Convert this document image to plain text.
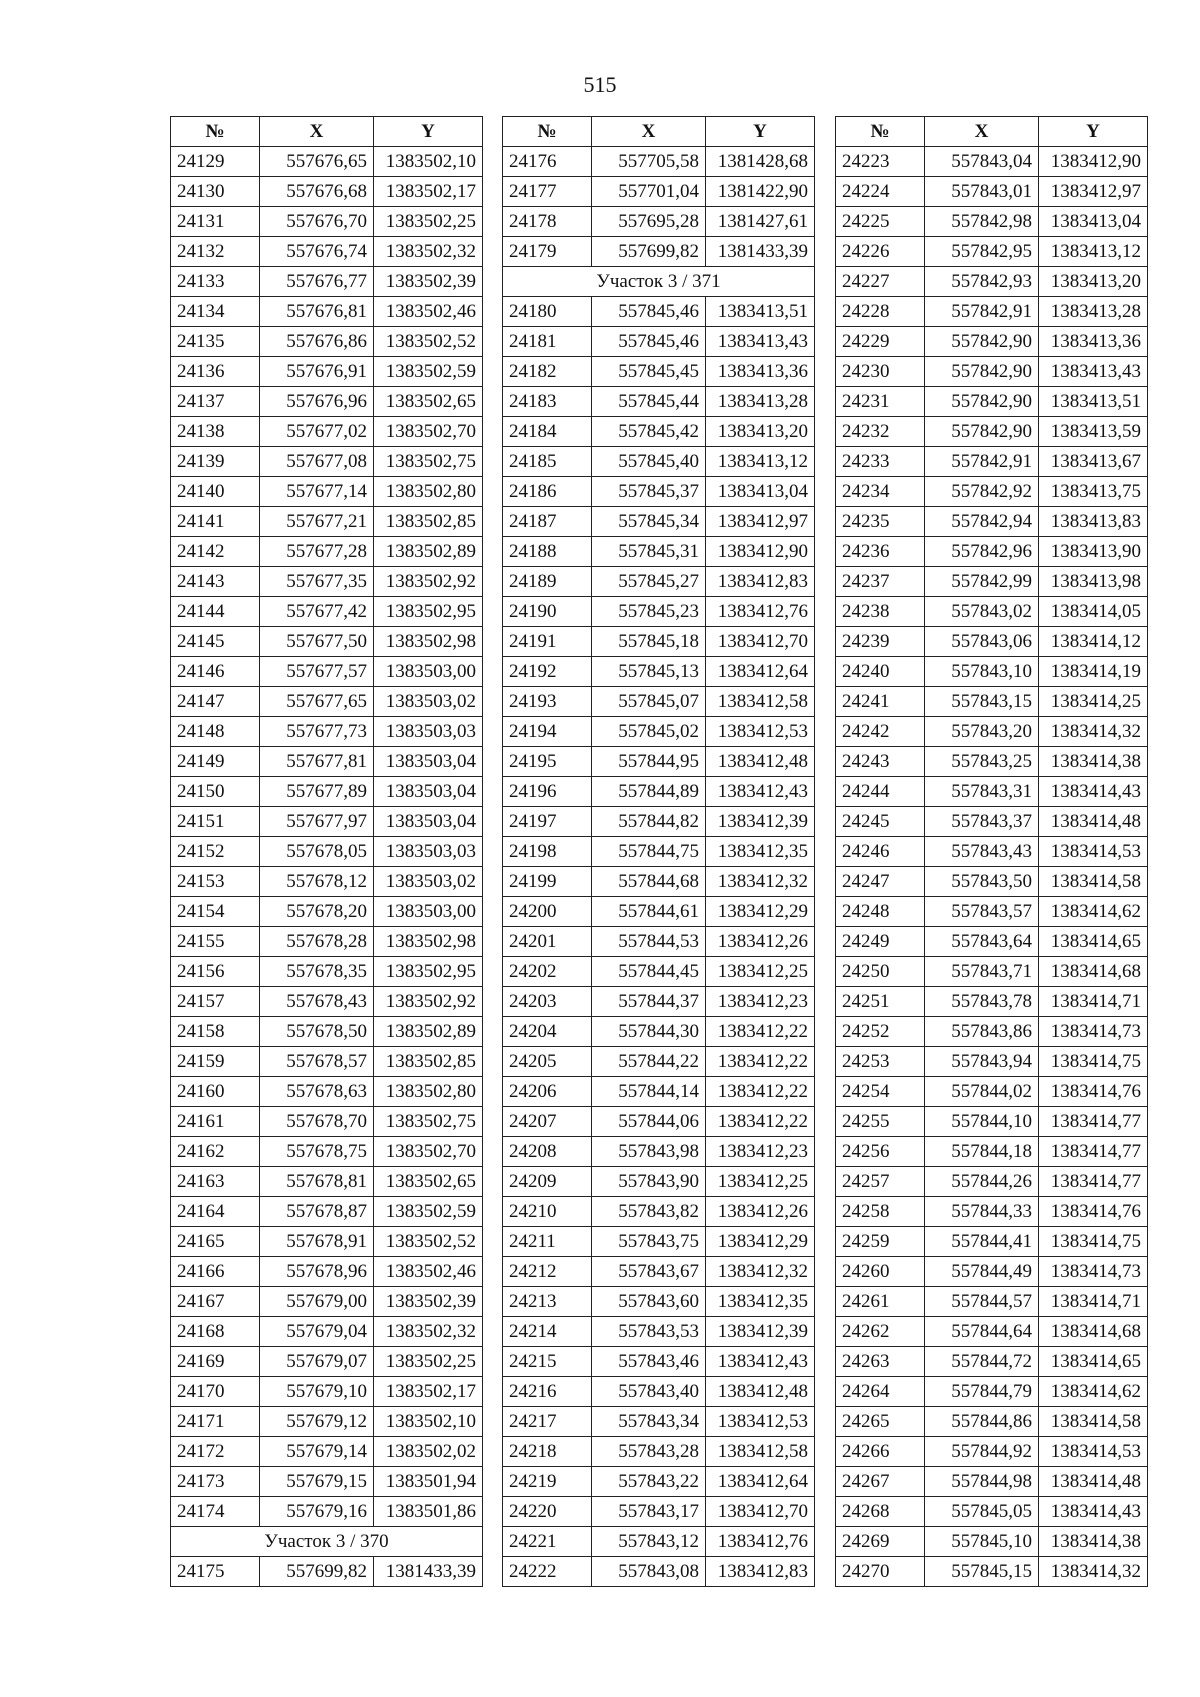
515
№	X	Y
24129	557676,65	1383502,10
24130	557676,68	1383502,17
24131	557676,70	1383502,25
24132	557676,74	1383502,32
24133	557676,77	1383502,39
24134	557676,81	1383502,46
24135	557676,86	1383502,52
24136	557676,91	1383502,59
24137	557676,96	1383502,65
24138	557677,02	1383502,70
24139	557677,08	1383502,75
24140	557677,14	1383502,80
24141	557677,21	1383502,85
24142	557677,28	1383502,89
24143	557677,35	1383502,92
24144	557677,42	1383502,95
24145	557677,50	1383502,98
24146	557677,57	1383503,00
24147	557677,65	1383503,02
24148	557677,73	1383503,03
24149	557677,81	1383503,04
24150	557677,89	1383503,04
24151	557677,97	1383503,04
24152	557678,05	1383503,03
24153	557678,12	1383503,02
24154	557678,20	1383503,00
24155	557678,28	1383502,98
24156	557678,35	1383502,95
24157	557678,43	1383502,92
24158	557678,50	1383502,89
24159	557678,57	1383502,85
24160	557678,63	1383502,80
24161	557678,70	1383502,75
24162	557678,75	1383502,70
24163	557678,81	1383502,65
24164	557678,87	1383502,59
24165	557678,91	1383502,52
24166	557678,96	1383502,46
24167	557679,00	1383502,39
24168	557679,04	1383502,32
24169	557679,07	1383502,25
24170	557679,10	1383502,17
24171	557679,12	1383502,10
24172	557679,14	1383502,02
24173	557679,15	1383501,94
24174	557679,16	1383501,86
Участок 3 / 370		
24175	557699,82	1381433,39
№	X	Y
24176	557705,58	1381428,68
24177	557701,04	1381422,90
24178	557695,28	1381427,61
24179	557699,82	1381433,39
Участок 3 / 371		
24180	557845,46	1383413,51
24181	557845,46	1383413,43
24182	557845,45	1383413,36
24183	557845,44	1383413,28
24184	557845,42	1383413,20
24185	557845,40	1383413,12
24186	557845,37	1383413,04
24187	557845,34	1383412,97
24188	557845,31	1383412,90
24189	557845,27	1383412,83
24190	557845,23	1383412,76
24191	557845,18	1383412,70
24192	557845,13	1383412,64
24193	557845,07	1383412,58
24194	557845,02	1383412,53
24195	557844,95	1383412,48
24196	557844,89	1383412,43
24197	557844,82	1383412,39
24198	557844,75	1383412,35
24199	557844,68	1383412,32
24200	557844,61	1383412,29
24201	557844,53	1383412,26
24202	557844,45	1383412,25
24203	557844,37	1383412,23
24204	557844,30	1383412,22
24205	557844,22	1383412,22
24206	557844,14	1383412,22
24207	557844,06	1383412,22
24208	557843,98	1383412,23
24209	557843,90	1383412,25
24210	557843,82	1383412,26
24211	557843,75	1383412,29
24212	557843,67	1383412,32
24213	557843,60	1383412,35
24214	557843,53	1383412,39
24215	557843,46	1383412,43
24216	557843,40	1383412,48
24217	557843,34	1383412,53
24218	557843,28	1383412,58
24219	557843,22	1383412,64
24220	557843,17	1383412,70
24221	557843,12	1383412,76
24222	557843,08	1383412,83
№	X	Y
24223	557843,04	1383412,90
24224	557843,01	1383412,97
24225	557842,98	1383413,04
24226	557842,95	1383413,12
24227	557842,93	1383413,20
24228	557842,91	1383413,28
24229	557842,90	1383413,36
24230	557842,90	1383413,43
24231	557842,90	1383413,51
24232	557842,90	1383413,59
24233	557842,91	1383413,67
24234	557842,92	1383413,75
24235	557842,94	1383413,83
24236	557842,96	1383413,90
24237	557842,99	1383413,98
24238	557843,02	1383414,05
24239	557843,06	1383414,12
24240	557843,10	1383414,19
24241	557843,15	1383414,25
24242	557843,20	1383414,32
24243	557843,25	1383414,38
24244	557843,31	1383414,43
24245	557843,37	1383414,48
24246	557843,43	1383414,53
24247	557843,50	1383414,58
24248	557843,57	1383414,62
24249	557843,64	1383414,65
24250	557843,71	1383414,68
24251	557843,78	1383414,71
24252	557843,86	1383414,73
24253	557843,94	1383414,75
24254	557844,02	1383414,76
24255	557844,10	1383414,77
24256	557844,18	1383414,77
24257	557844,26	1383414,77
24258	557844,33	1383414,76
24259	557844,41	1383414,75
24260	557844,49	1383414,73
24261	557844,57	1383414,71
24262	557844,64	1383414,68
24263	557844,72	1383414,65
24264	557844,79	1383414,62
24265	557844,86	1383414,58
24266	557844,92	1383414,53
24267	557844,98	1383414,48
24268	557845,05	1383414,43
24269	557845,10	1383414,38
24270	557845,15	1383414,32
